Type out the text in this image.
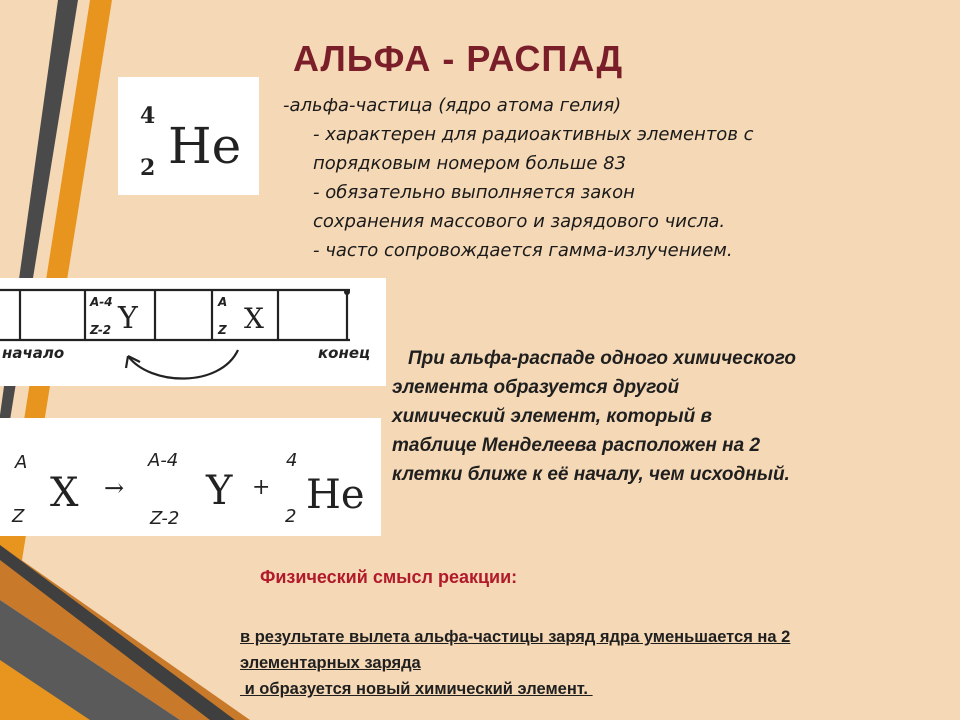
АЛЬФА - РАСПАД
4
2 He
-альфа-частица (ядро атома гелия)
- характерен для радиоактивных элементов с
порядковым номером больше 83
- обязательно выполняется закон
сохранения массового и зарядового числа.
- часто сопровождается гамма-излучением.
A-4
Z-2 Y	A
Z X
начало	конец
A
Z
X →
A-4
Z-2
Y +
4
2 He
При альфа-распаде одного химического
элемента образуется другой
химический элемент, который в
таблице Менделеева расположен на 2
клетки ближе к её началу, чем исходный.
Физический смысл реакции:
в результате вылета альфа-частицы заряд ядра уменьшается на 2
элементарных заряда
и образуется новый химический элемент.
